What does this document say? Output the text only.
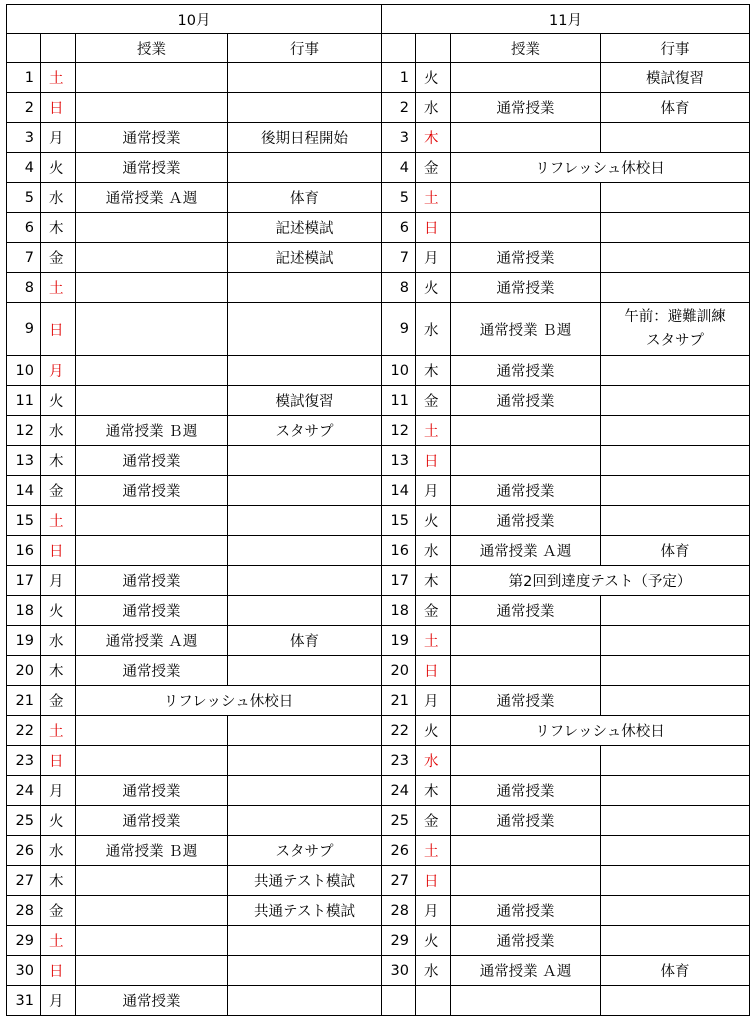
10月				11月			
		授業	行事			授業	行事
1	土			1	火		模試復習
2	日			2	水	通常授業	体育
3	月	通常授業	後期日程開始	3	木		
4	火	通常授業		4	金	リフレッシュ休校日	
5	水	通常授業 Ａ週	体育	5	土		
6	木		記述模試	6	日		
7	金		記述模試	7	月	通常授業	
8	土			8	火	通常授業	
9	日			9	水	通常授業 Ｂ週	午前：避難訓練
スタサプ

10	月			10	木	通常授業	
11	火		模試復習	11	金	通常授業	
12	水	通常授業 Ｂ週	スタサプ	12	土		
13	木	通常授業		13	日		
14	金	通常授業		14	月	通常授業	
15	土			15	火	通常授業	
16	日			16	水	通常授業 Ａ週	体育
17	月	通常授業		17	木	第2回到達度テスト（予定）	
18	火	通常授業		18	金	通常授業	
19	水	通常授業 Ａ週	体育	19	土		
20	木	通常授業		20	日		
21	金	リフレッシュ休校日		21	月	通常授業	
22	土			22	火	リフレッシュ休校日	
23	日			23	水		
24	月	通常授業		24	木	通常授業	
25	火	通常授業		25	金	通常授業	
26	水	通常授業 Ｂ週	スタサプ	26	土		
27	木		共通テスト模試	27	日		
28	金		共通テスト模試	28	月	通常授業	
29	土			29	火	通常授業	
30	日			30	水	通常授業 Ａ週	体育
31	月	通常授業					
